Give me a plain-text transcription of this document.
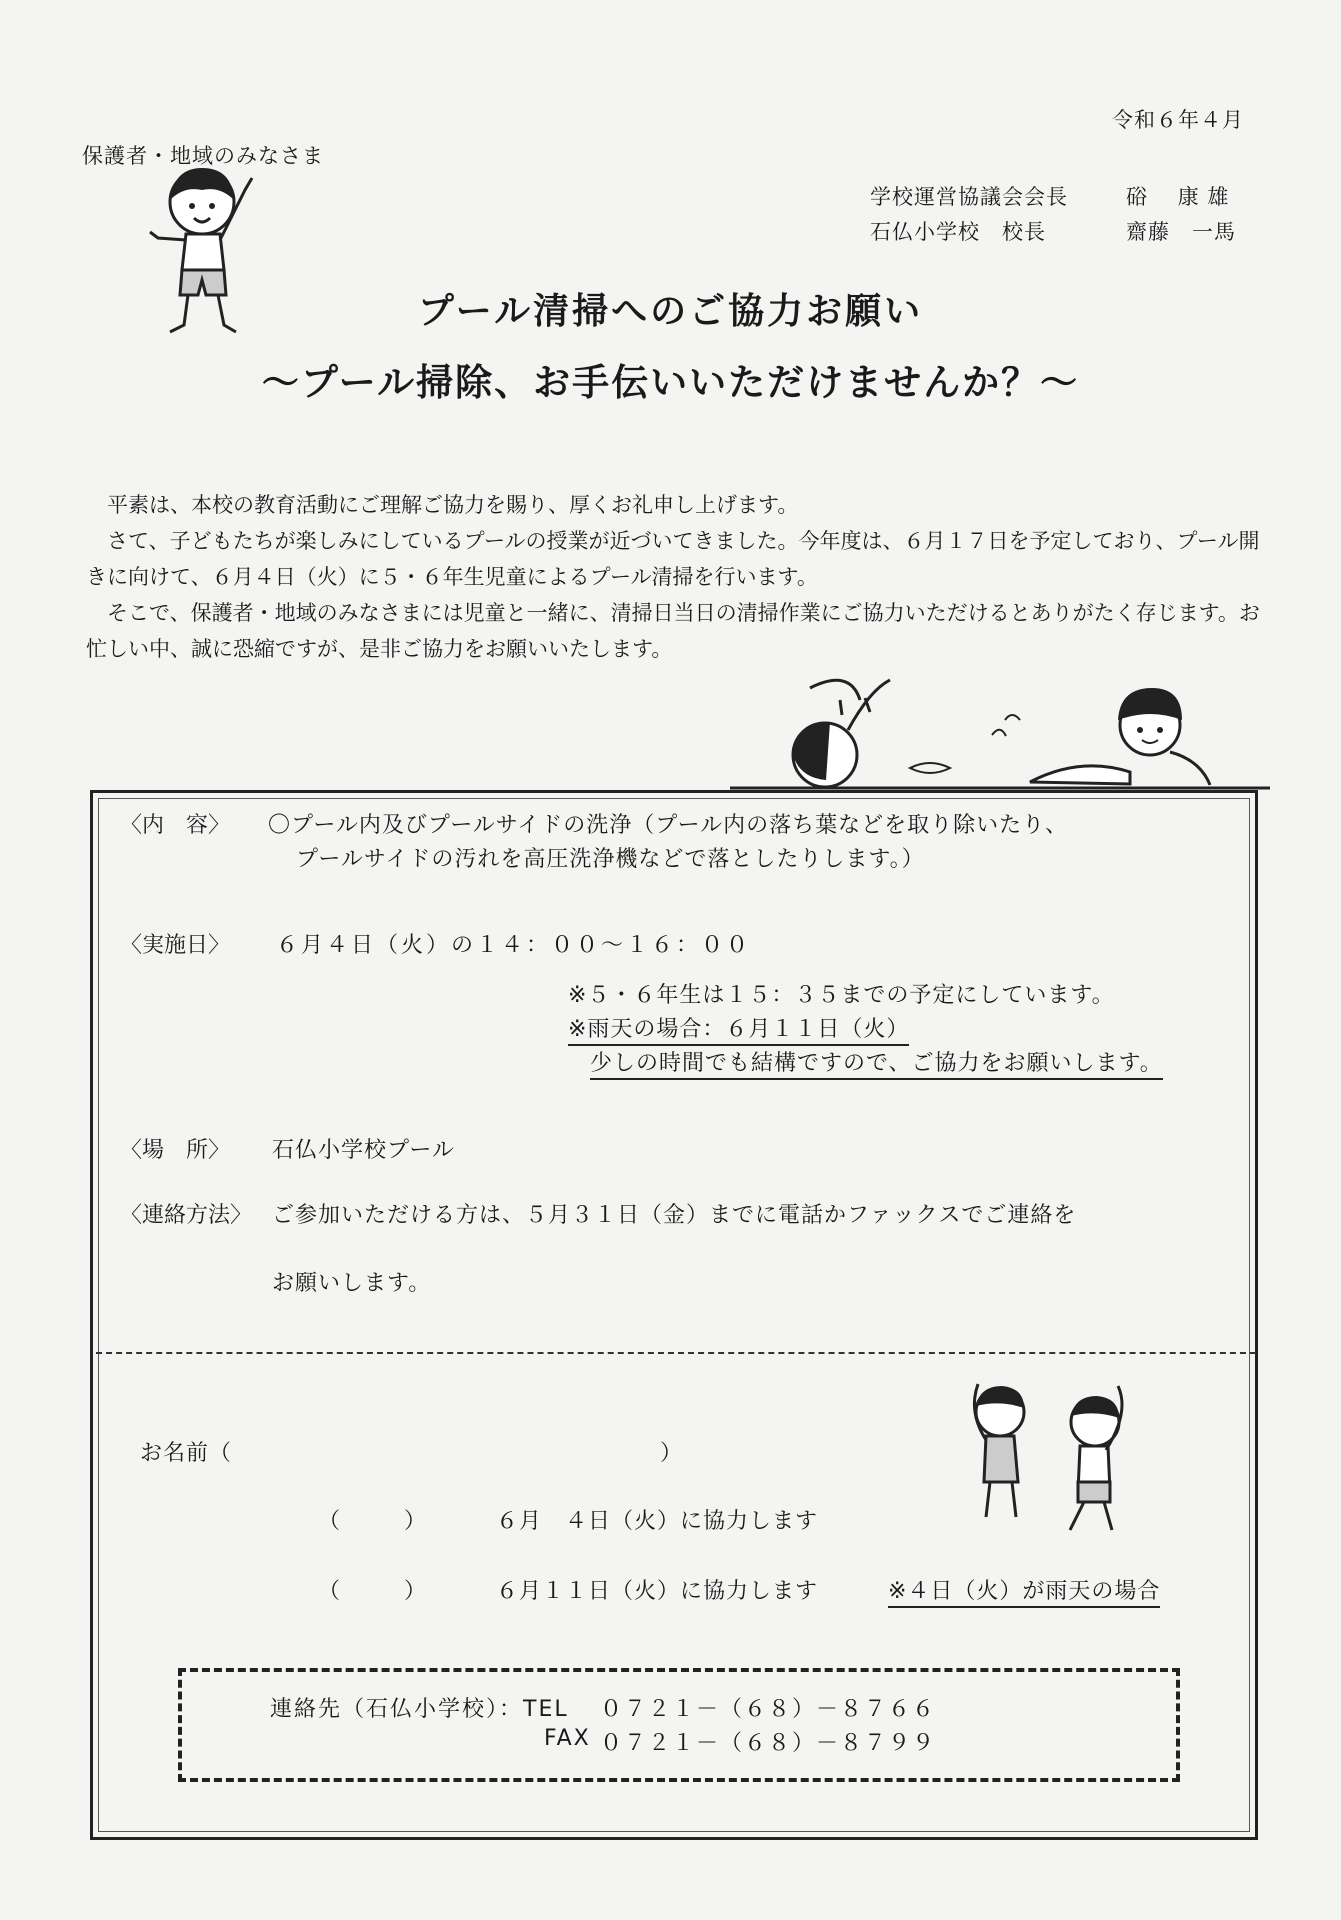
令和６年４月
保護者・地域のみなさま
学校運営協議会会長	硲　 康 雄
石仏小学校　校長	齋藤　一馬
プール清掃へのご協力お願い
～プール掃除、お手伝いいただけませんか？～

平素は、本校の教育活動にご理解ご協力を賜り、厚くお礼申し上げます。

さて、子どもたちが楽しみにしているプールの授業が近づいてきました。今年度は、６月１７日を予定しており、プール開きに向けて、６月４日（火）に５・６年生児童によるプール清掃を行います。

そこで、保護者・地域のみなさまには児童と一緒に、清掃日当日の清掃作業にご協力いただけるとありがたく存じます。お忙しい中、誠に恐縮ですが、是非ご協力をお願いいたします。

〈内　容〉 〇プール内及びプールサイドの洗浄（プール内の落ち葉などを取り除いたり、
プールサイドの汚れを高圧洗浄機などで落としたりします。）
〈実施日〉 ６月４日（火）の１４：００～１６：００
※５・６年生は１５：３５までの予定にしています。
※雨天の場合：６月１１日（火）
少しの時間でも結構ですので、ご協力をお願いします。
〈場　所〉 石仏小学校プール
〈連絡方法〉 ご参加いただける方は、５月３１日（金）までに電話かファックスでご連絡を
お願いします。
お名前（	）
（	）	６月　４日（火）に協力します
（	）	６月１１日（火）に協力します	※４日（火）が雨天の場合
連絡先（石仏小学校）：TEL ０７２１－（６８）－８７６６
FAX ０７２１－（６８）－８７９９
